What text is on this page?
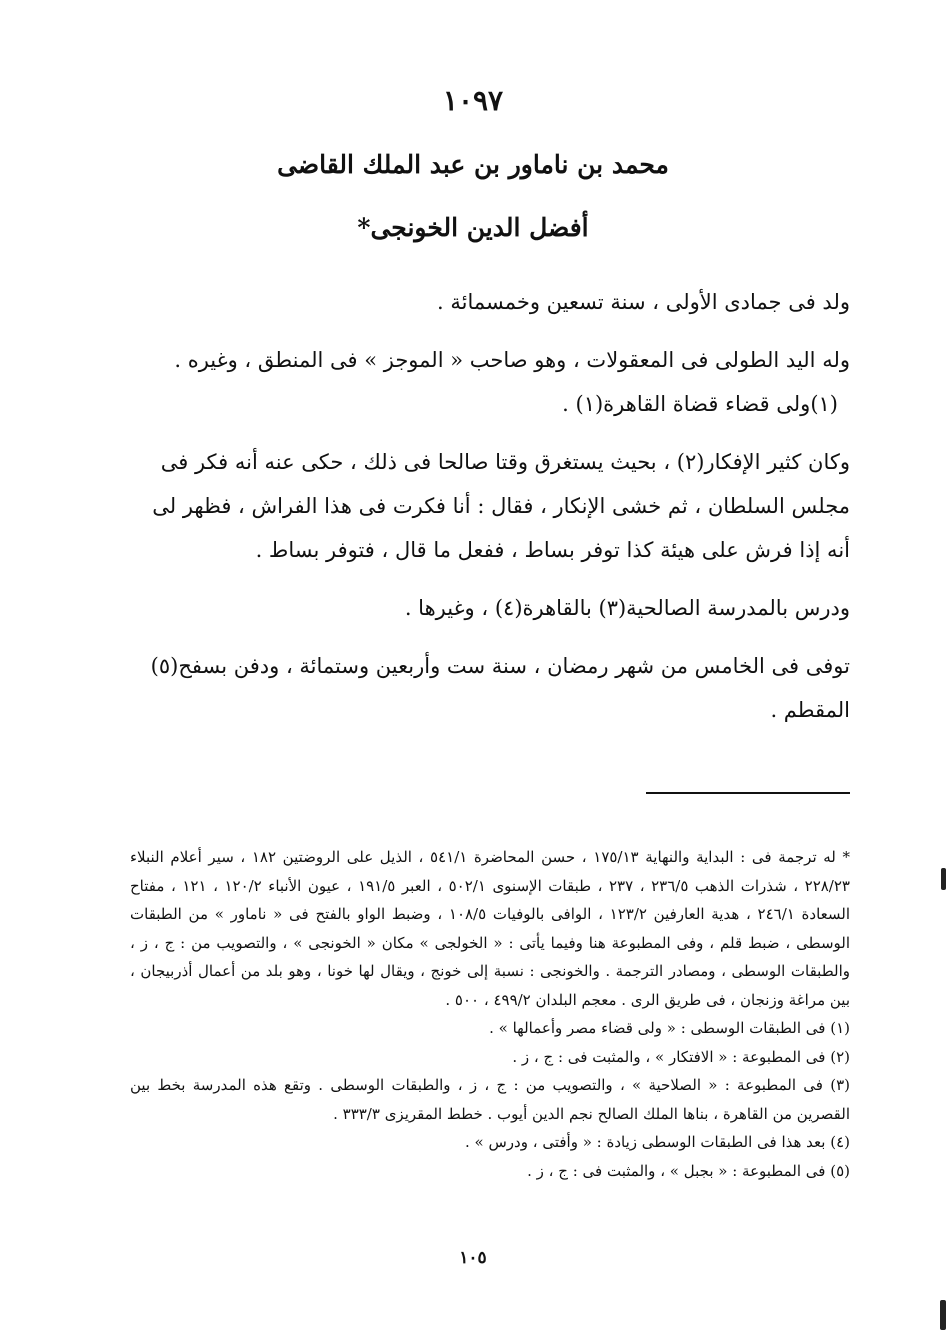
١٠٩٧
محمد بن ناماور بن عبد الملك القاضى
أفضل الدين الخونجى*

ولد فى جمادى الأولى ، سنة تسعين وخمسمائة .

وله اليد الطولى فى المعقولات ، وهو صاحب « الموجز » فى المنطق ، وغيره .

(١)ولى قضاء قضاة القاهرة(١) .

وكان كثير الإفكار(٢) ، بحيث يستغرق وقتا صالحا فى ذلك ، حكى عنه أنه فكر فى مجلس السلطان ، ثم خشى الإنكار ، فقال : أنا فكرت فى هذا الفراش ، فظهر لى أنه إذا فرش على هيئة كذا توفر بساط ، ففعل ما قال ، فتوفر بساط .

ودرس بالمدرسة الصالحية(٣) بالقاهرة(٤) ، وغيرها .

توفى فى الخامس من شهر رمضان ، سنة ست وأربعين وستمائة ، ودفن بسفح(٥) المقطم .

* له ترجمة فى : البداية والنهاية ١٧٥/١٣ ، حسن المحاضرة ٥٤١/١ ، الذيل على الروضتين ١٨٢ ، سير أعلام النبلاء ٢٢٨/٢٣ ، شذرات الذهب ٢٣٦/٥ ، ٢٣٧ ، طبقات الإسنوى ٥٠٢/١ ، العبر ١٩١/٥ ، عيون الأنباء ١٢٠/٢ ، ١٢١ ، مفتاح السعادة ٢٤٦/١ ، هدية العارفين ١٢٣/٢ ، الوافى بالوفيات ١٠٨/٥ ، وضبط الواو بالفتح فى « ناماور » من الطبقات الوسطى ، ضبط قلم ، وفى المطبوعة هنا وفيما يأتى : « الخولجى » مكان « الخونجى » ، والتصويب من : ج ، ز ، والطبقات الوسطى ، ومصادر الترجمة . والخونجى : نسبة إلى خونج ، ويقال لها خونا ، وهو بلد من أعمال أذربيجان ، بين مراغة وزنجان ، فى طريق الرى . معجم البلدان ٤٩٩/٢ ، ٥٠٠ .

(١) فى الطبقات الوسطى : « ولى قضاء مصر وأعمالها » .

(٢) فى المطبوعة : « الافتكار » ، والمثبت فى : ج ، ز .

(٣) فى المطبوعة : « الصلاحية » ، والتصويب من : ج ، ز ، والطبقات الوسطى . وتقع هذه المدرسة بخط بين القصرين من القاهرة ، بناها الملك الصالح نجم الدين أيوب . خطط المقريزى ٣٣٣/٣ .

(٤) بعد هذا فى الطبقات الوسطى زيادة : « وأفتى ، ودرس » .

(٥) فى المطبوعة : « بجبل » ، والمثبت فى : ج ، ز .

١٠٥
